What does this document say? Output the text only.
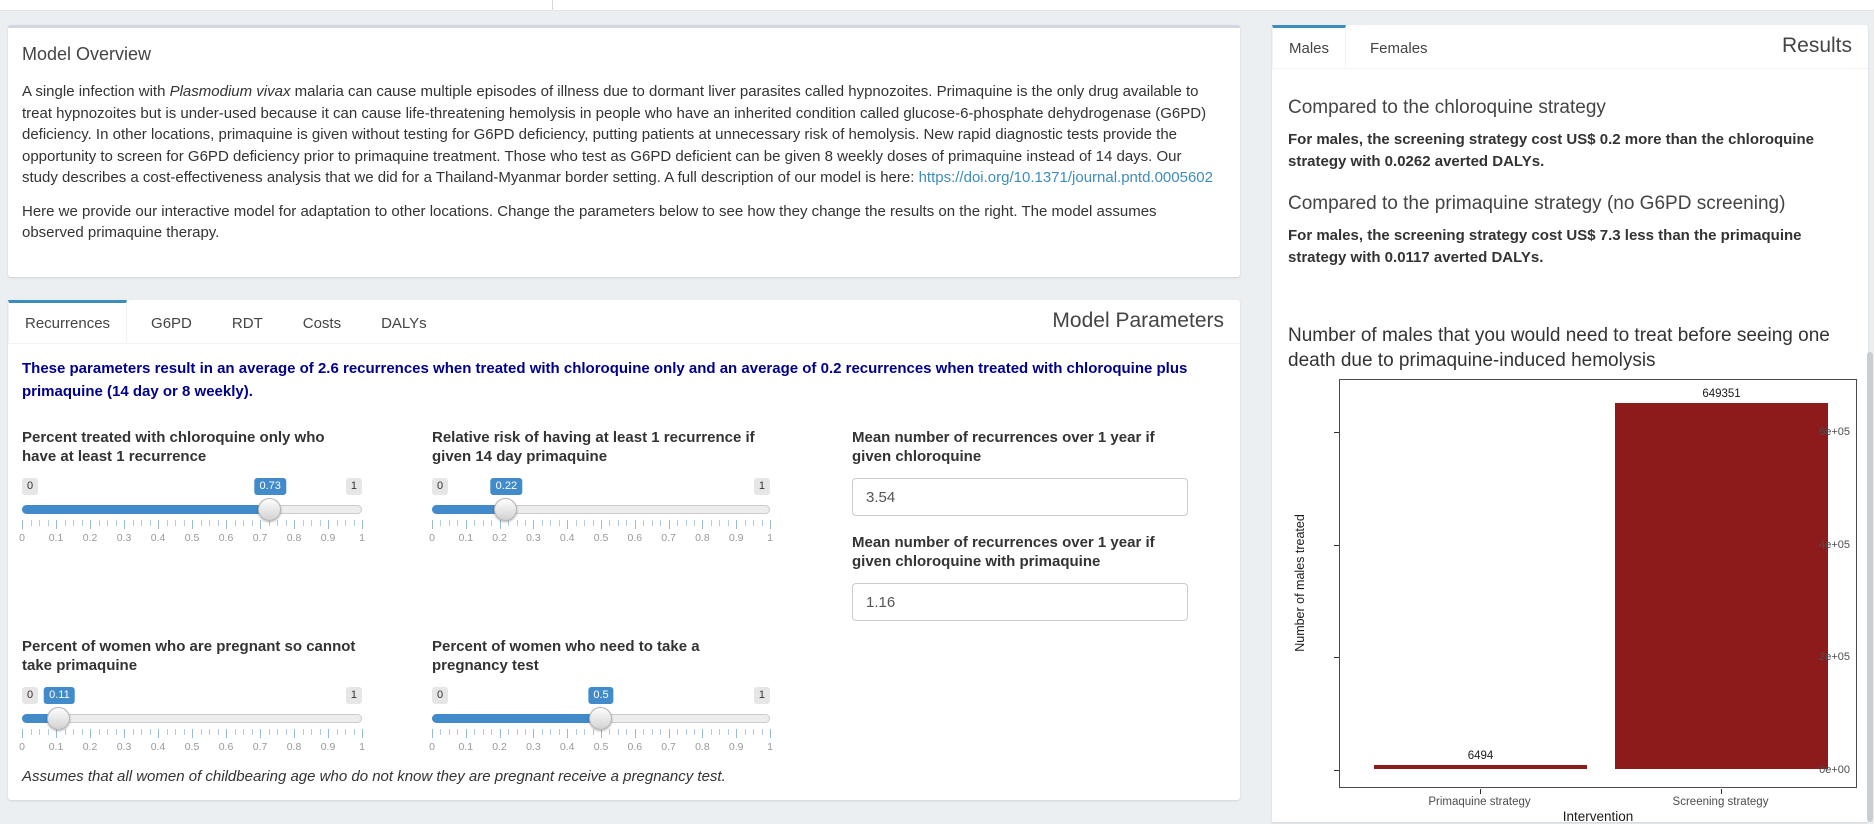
Model Overview

A single infection with Plasmodium vivax malaria can cause multiple episodes of illness due to dormant liver parasites called hypnozoites. Primaquine is the only drug available to treat hypnozoites but is under-used because it can cause life-threatening hemolysis in people who have an inherited condition called glucose-6-phosphate dehydrogenase (G6PD) deficiency. In other locations, primaquine is given without testing for G6PD deficiency, putting patients at unnecessary risk of hemolysis. New rapid diagnostic tests provide the opportunity to screen for G6PD deficiency prior to primaquine treatment. Those who test as G6PD deficient can be given 8 weekly doses of primaquine instead of 14 days. Our study describes a cost-effectiveness analysis that we did for a Thailand-Myanmar border setting. A full description of our model is here: https://doi.org/10.1371/journal.pntd.0005602

Here we provide our interactive model for adaptation to other locations. Change the parameters below to see how they change the results on the right. The model assumes observed primaquine therapy.

Recurrences	G6PD	RDT	Costs	DALYs	Model Parameters
These parameters result in an average of 2.6 recurrences when treated with chloroquine only and an average of 0.2 recurrences when treated with chloroquine plus primaquine (14 day or 8 weekly).
Percent treated with chloroquine only who have at least 1 recurrence
0	1
0.73
0 0.1 0.2 0.3 0.4 0.5 0.6 0.7 0.8 0.9 1
Relative risk of having at least 1 recurrence if given 14 day primaquine
0	1
0.22
0 0.1 0.2 0.3 0.4 0.5 0.6 0.7 0.8 0.9 1
Percent of women who are pregnant so cannot take primaquine
0	1
0.11
0 0.1 0.2 0.3 0.4 0.5 0.6 0.7 0.8 0.9 1
Percent of women who need to take a pregnancy test
0	1
0.5
0 0.1 0.2 0.3 0.4 0.5 0.6 0.7 0.8 0.9 1
Mean number of recurrences over 1 year if given chloroquine
3.54
Mean number of recurrences over 1 year if given chloroquine with primaquine
1.16
Assumes that all women of childbearing age who do not know they are pregnant receive a pregnancy test.
Males	Females	Results
Compared to the chloroquine strategy

For males, the screening strategy cost US$ 0.2 more than the chloroquine strategy with 0.0262 averted DALYs.

Compared to the primaquine strategy (no G6PD screening)

For males, the screening strategy cost US$ 7.3 less than the primaquine strategy with 0.0117 averted DALYs.

Number of males that you would need to treat before seeing one death due to primaquine-induced hemolysis
Number of males treated
6494
649351
Intervention
0e+00
2e+05
4e+05
6e+05
Primaquine strategy	Screening strategy
